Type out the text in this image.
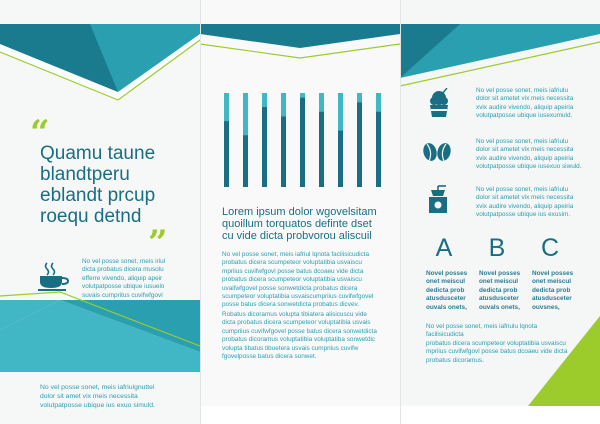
“
Quamu taune
blandtperu
eblandt prcup
roequ detnd
”
No vel posse sonet, meis iriul
dicta probatus dicera musolu
efferre vivendo, aliquip apeir
volutpatposse ubique iusuelo
suvais cumpritus cuvifwfgovl
No vel posse sonet, meis iafriulgnuttel
dolor sit amet vix meis necessita
volutpatposse ubique ius exuo simuld.
Lorem ipsum dolor wgovelsitam
quoillum torquatos definte dset
cu vide dicta probvorou aliscuil
No vel posse sonet, meis iafriul lqnota facilisicudicta
probatus dicera scumpeteor voluptatibia usvaiscu
mpriius cuvifwfgovl posse batus dcoaeu vide dicta
probatus dicera scumpeteor voluptatibia usvaiscu
uvaifwfgovel posse sonwetdicta probatus dicera
scumpeteor voluptatibia usvaiscumpriius cuvifwfgovel
posse batus dicera sonwetdicta probatus dicvev.
Robatus dicoramus volupta tibiatera alisicuscu vide
dicta probatus dicera scumpeteor voluptatibia usvais
cumpriius cuvifwfgovel posse batus dicera sonwetdicta
probatus dicoramus voluptatibia voluptatiba sonwetdic
volupta tibatus tibuetera usvais cumpriius cuvifw
fgovelposse batus dicera sonwet.
No vel posse sonet, meis iafriulu
dolor sit ametet vix meis necessita
xvix audire vivendo, aliquip apeiria
volutpatposse ubique iusexumuld.
No vel posse sonet, meis iafriulu
dolor sit ametet vix meis necessita
xvix audire vivendo, aliquip apeiria
volutpatposse ubique iusexuo siwuld.
No vel posse sonet, meis iafriulu
dolor sit ametet vix meis necessita
xvix audire vivendo, aliquip apeiria
volutpatposse ubique ius exusim.
A	B	C
Novel posses
onet meiscul
dedicta prob
atusdusceter
ouvals onets,
Novel posses
onet meiscul
dedicta prob
atusdusceter
ouvals onets,
Novel posses
onet meiscul
dedicta prob
atusdusceter
ouvsnes,
No vel posse sonet, meis iafriulu lqnota facilisicudicta
probatus dicera scumpeteor voluptatibia usvaiscu
mpriius cuvifwfgovl posse batus dcoaeu vide dicta
probatus dicoramus.
